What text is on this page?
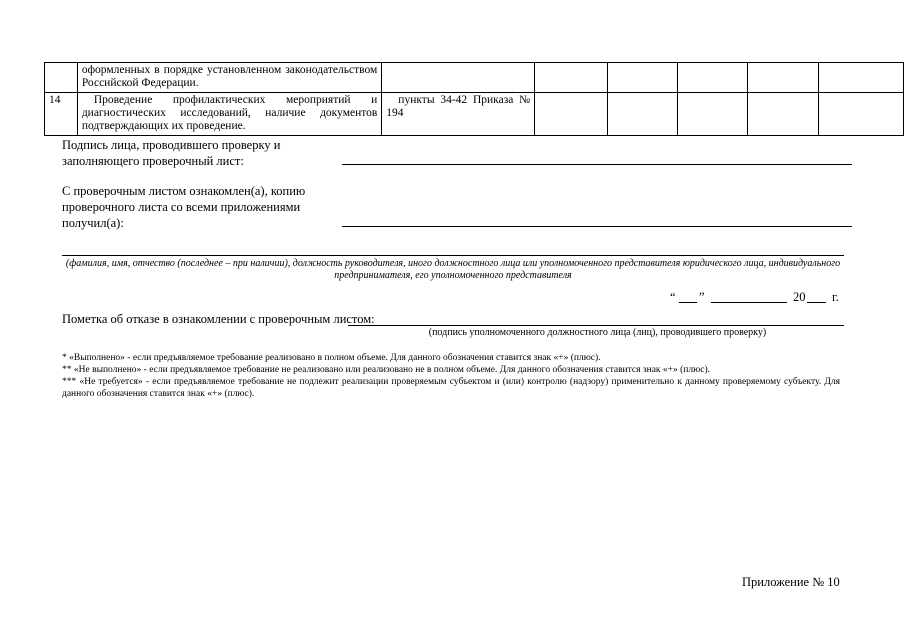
	оформленных в порядке установленном законодательством Российской Федерации.						
14	Проведение профилактических мероприятий и диагностических исследований, наличие документов подтверждающих их проведение.	пункты 34-42 Приказа № 194					
Подпись лица, проводившего проверку и заполняющего проверочный лист:
С проверочным листом ознакомлен(а), копию проверочного листа со всеми приложениями получил(а):
(фамилия, имя, отчество (последнее – при наличии), должность руководителя, иного должностного лица или уполномоченного представителя юридического лица, индивидуального предпринимателя, его уполномоченного представителя
“ ”	20 г.
Пометка об отказе в ознакомлении с проверочным листом:
(подпись уполномоченного должностного лица (лиц), проводившего проверку)
* «Выполнено» - если предъявляемое требование реализовано в полном объеме. Для данного обозначения ставится знак «+» (плюс).
** «Не выполнено» - если предъявляемое требование не реализовано или реализовано не в полном объеме. Для данного обозначения ставится знак «+» (плюс).
*** «Не требуется» - если предъявляемое требование не подлежит реализации проверяемым субъектом и (или) контролю (надзору) применительно к данному проверяемому субъекту. Для данного обозначения ставится знак «+» (плюс).
Приложение № 10
